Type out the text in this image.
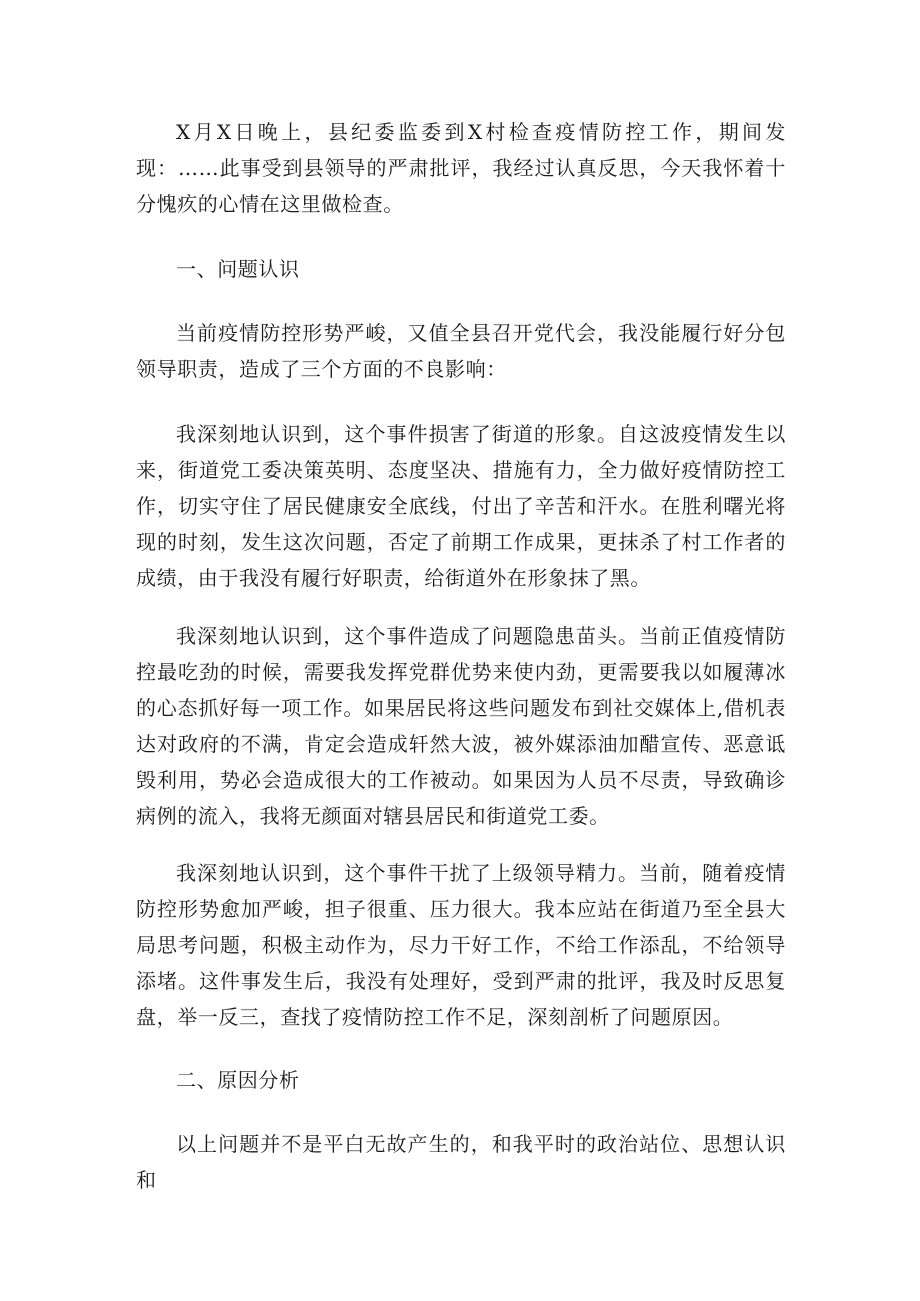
X月X日晚上，县纪委监委到X村检查疫情防控工作，期间发现：……此事受到县领导的严肃批评，我经过认真反思，今天我怀着十分愧疚的心情在这里做检查。

一、问题认识

当前疫情防控形势严峻，又值全县召开党代会，我没能履行好分包领导职责，造成了三个方面的不良影响：

我深刻地认识到，这个事件损害了街道的形象。自这波疫情发生以来，街道党工委决策英明、态度坚决、措施有力，全力做好疫情防控工作，切实守住了居民健康安全底线，付出了辛苦和汗水。在胜利曙光将现的时刻，发生这次问题，否定了前期工作成果，更抹杀了村工作者的成绩，由于我没有履行好职责，给街道外在形象抹了黑。

我深刻地认识到，这个事件造成了问题隐患苗头。当前正值疫情防控最吃劲的时候，需要我发挥党群优势来使内劲，更需要我以如履薄冰的心态抓好每一项工作。如果居民将这些问题发布到社交媒体上,借机表达对政府的不满，肯定会造成轩然大波，被外媒添油加醋宣传、恶意诋毁利用，势必会造成很大的工作被动。如果因为人员不尽责，导致确诊病例的流入，我将无颜面对辖县居民和街道党工委。

我深刻地认识到，这个事件干扰了上级领导精力。当前，随着疫情防控形势愈加严峻，担子很重、压力很大。我本应站在街道乃至全县大局思考问题，积极主动作为，尽力干好工作，不给工作添乱，不给领导添堵。这件事发生后，我没有处理好，受到严肃的批评，我及时反思复盘，举一反三，查找了疫情防控工作不足，深刻剖析了问题原因。

二、原因分析

以上问题并不是平白无故产生的，和我平时的政治站位、思想认识和
